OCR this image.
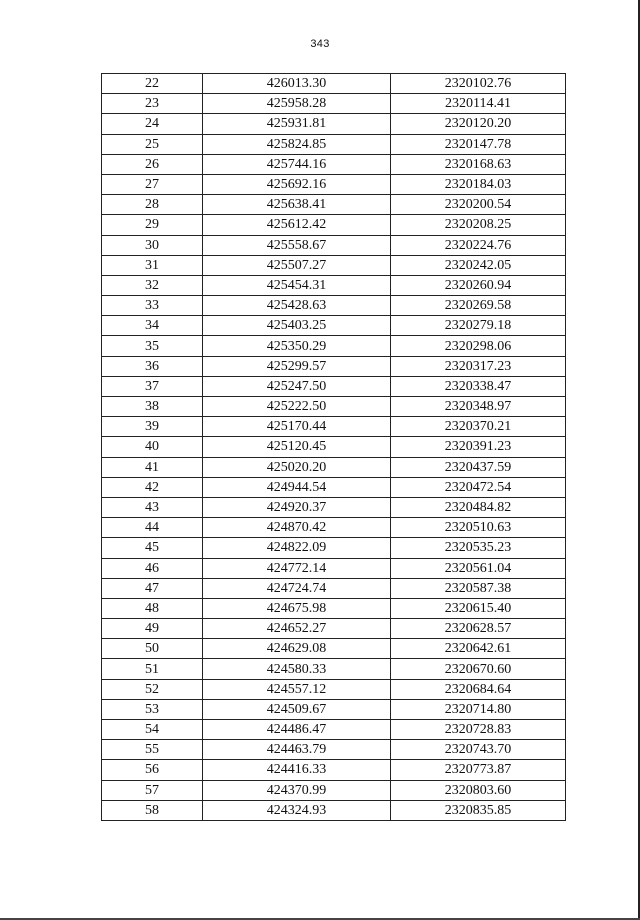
343
22	426013.30	2320102.76
23	425958.28	2320114.41
24	425931.81	2320120.20
25	425824.85	2320147.78
26	425744.16	2320168.63
27	425692.16	2320184.03
28	425638.41	2320200.54
29	425612.42	2320208.25
30	425558.67	2320224.76
31	425507.27	2320242.05
32	425454.31	2320260.94
33	425428.63	2320269.58
34	425403.25	2320279.18
35	425350.29	2320298.06
36	425299.57	2320317.23
37	425247.50	2320338.47
38	425222.50	2320348.97
39	425170.44	2320370.21
40	425120.45	2320391.23
41	425020.20	2320437.59
42	424944.54	2320472.54
43	424920.37	2320484.82
44	424870.42	2320510.63
45	424822.09	2320535.23
46	424772.14	2320561.04
47	424724.74	2320587.38
48	424675.98	2320615.40
49	424652.27	2320628.57
50	424629.08	2320642.61
51	424580.33	2320670.60
52	424557.12	2320684.64
53	424509.67	2320714.80
54	424486.47	2320728.83
55	424463.79	2320743.70
56	424416.33	2320773.87
57	424370.99	2320803.60
58	424324.93	2320835.85
